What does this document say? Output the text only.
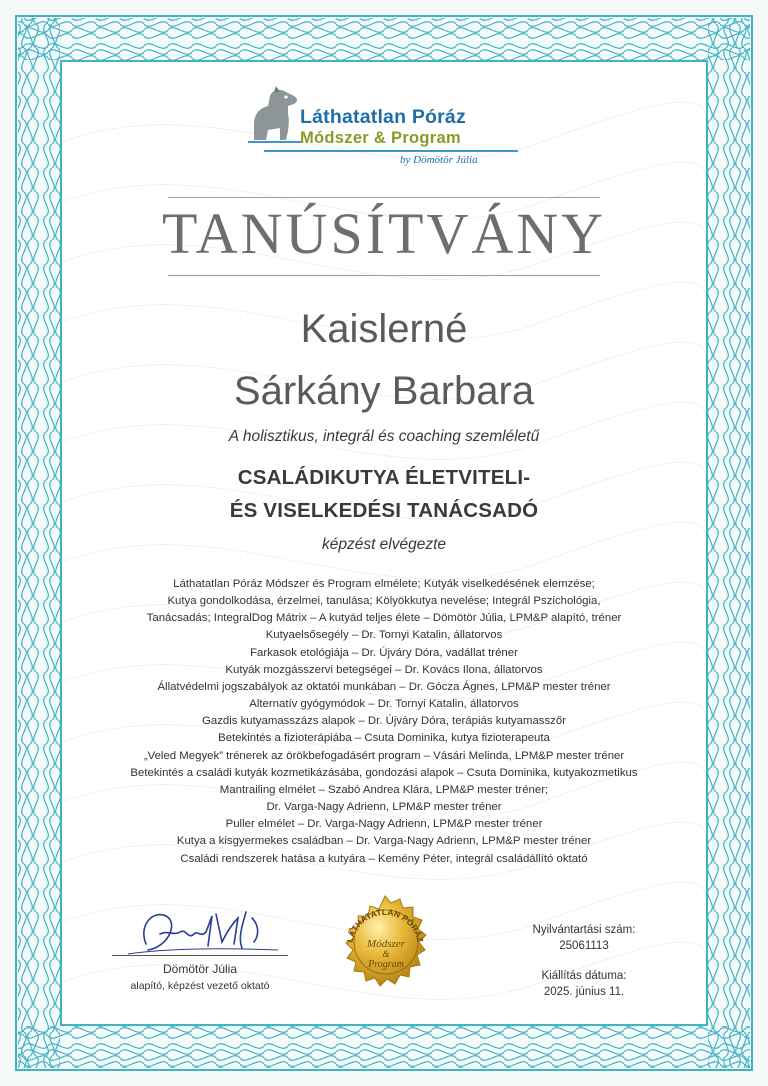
Láthatatlan Póráz
Módszer & Program
by Dömötör Júlia
TANÚSÍTVÁNY
Kaislerné
Sárkány Barbara
A holisztikus, integrál és coaching szemléletű
CSALÁDIKUTYA ÉLETVITELI-
ÉS VISELKEDÉSI TANÁCSADÓ
képzést elvégezte
Láthatatlan Póráz Módszer és Program elmélete; Kutyák viselkedésének elemzése;
Kutya gondolkodása, érzelmei, tanulása; Kölyökkutya nevelése; Integrál Pszichológia,
Tanácsadás; IntegralDog Mátrix – A kutyád teljes élete – Dömötör Júlia, LPM&P alapító, tréner
Kutyaelsősegély – Dr. Tornyi Katalin, állatorvos
Farkasok etológiája – Dr. Újváry Dóra, vadállat tréner
Kutyák mozgásszervi betegségei – Dr. Kovács Ilona, állatorvos
Állatvédelmi jogszabályok az oktatói munkában – Dr. Gócza Ágnes, LPM&P mester tréner
Alternatív gyógymódok – Dr. Tornyi Katalin, állatorvos
Gazdis kutyamasszázs alapok – Dr. Újváry Dóra, terápiás kutyamasszőr
Betekintés a fizioterápiába – Csuta Dominika, kutya fizioterapeuta
„Veled Megyek” trénerek az örökbefogadásért program – Vásári Melinda, LPM&P mester tréner
Betekintés a családi kutyák kozmetikázásába, gondozási alapok – Csuta Dominika, kutyakozmetikus
Mantrailing elmélet – Szabó Andrea Klára, LPM&P mester tréner;
Dr. Varga-Nagy Adrienn, LPM&P mester tréner
Puller elmélet – Dr. Varga-Nagy Adrienn, LPM&P mester tréner
Kutya a kisgyermekes családban – Dr. Varga-Nagy Adrienn, LPM&P mester tréner
Családi rendszerek hatása a kutyára – Kemény Péter, integrál családállító oktató
Dömötör Júlia
alapító, képzést vezető oktató
LÁTHATATLAN PÓRÁZ
Módszer
&
Program
Nyilvántartási szám:
25061113
Kiállítás dátuma:
2025. június 11.
